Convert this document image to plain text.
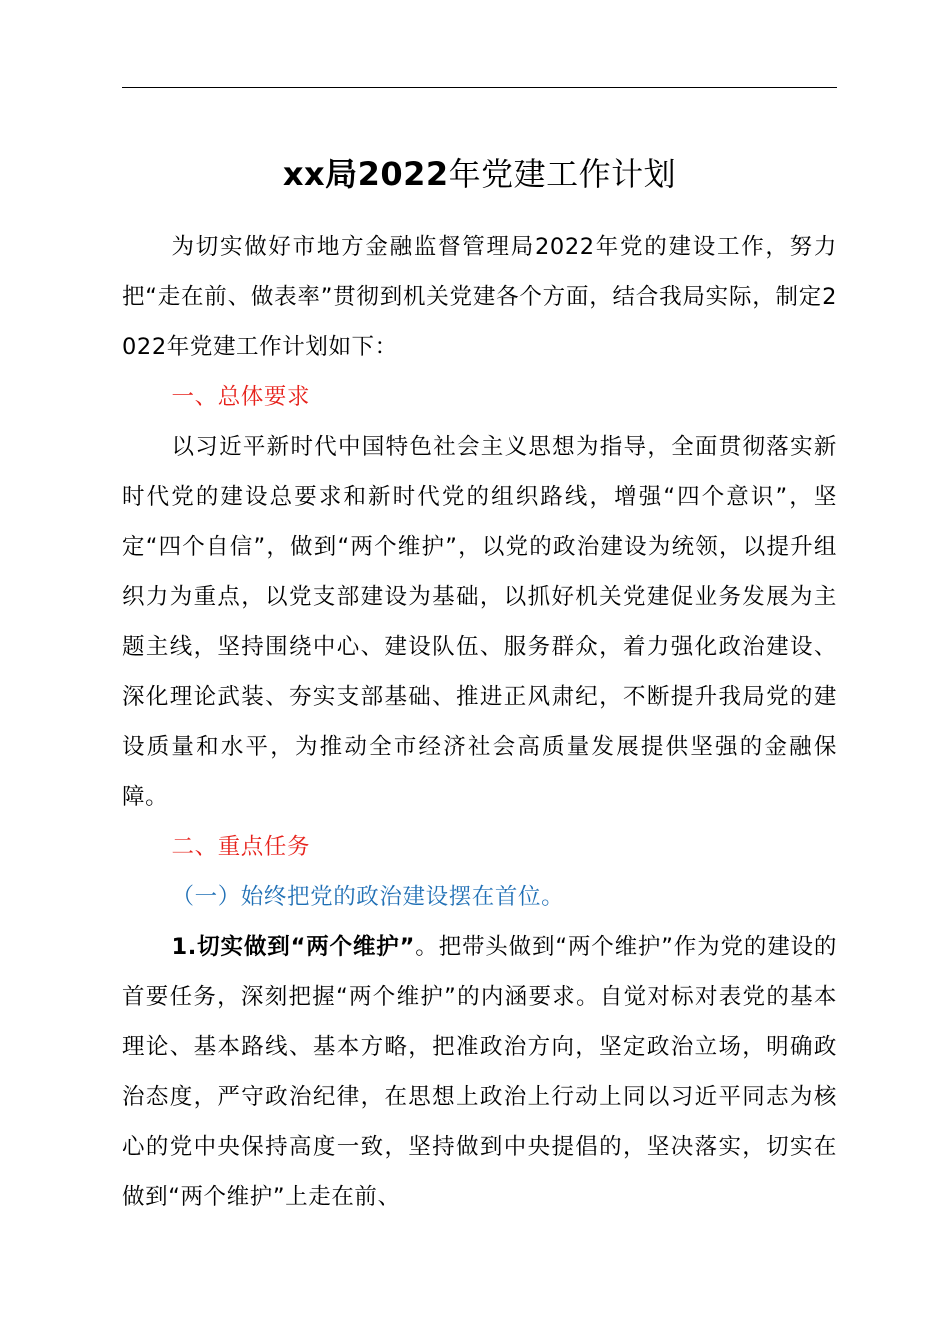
xx局2022年党建工作计划

为切实做好市地方金融监督管理局2022年党的建设工作，努力把“走在前、做表率”贯彻到机关党建各个方面，结合我局实际，制定2022年党建工作计划如下：

一、总体要求

以习近平新时代中国特色社会主义思想为指导，全面贯彻落实新时代党的建设总要求和新时代党的组织路线，增强“四个意识”，坚定“四个自信”，做到“两个维护”，以党的政治建设为统领，以提升组织力为重点，以党支部建设为基础，以抓好机关党建促业务发展为主题主线，坚持围绕中心、建设队伍、服务群众，着力强化政治建设、深化理论武装、夯实支部基础、推进正风肃纪，不断提升我局党的建设质量和水平，为推动全市经济社会高质量发展提供坚强的金融保障。

二、重点任务

（一）始终把党的政治建设摆在首位。

1.切实做到“两个维护”。把带头做到“两个维护”作为党的建设的首要任务，深刻把握“两个维护”的内涵要求。自觉对标对表党的基本理论、基本路线、基本方略，把准政治方向，坚定政治立场，明确政治态度，严守政治纪律，在思想上政治上行动上同以习近平同志为核心的党中央保持高度一致，坚持做到中央提倡的，坚决落实，切实在做到“两个维护”上走在前、
